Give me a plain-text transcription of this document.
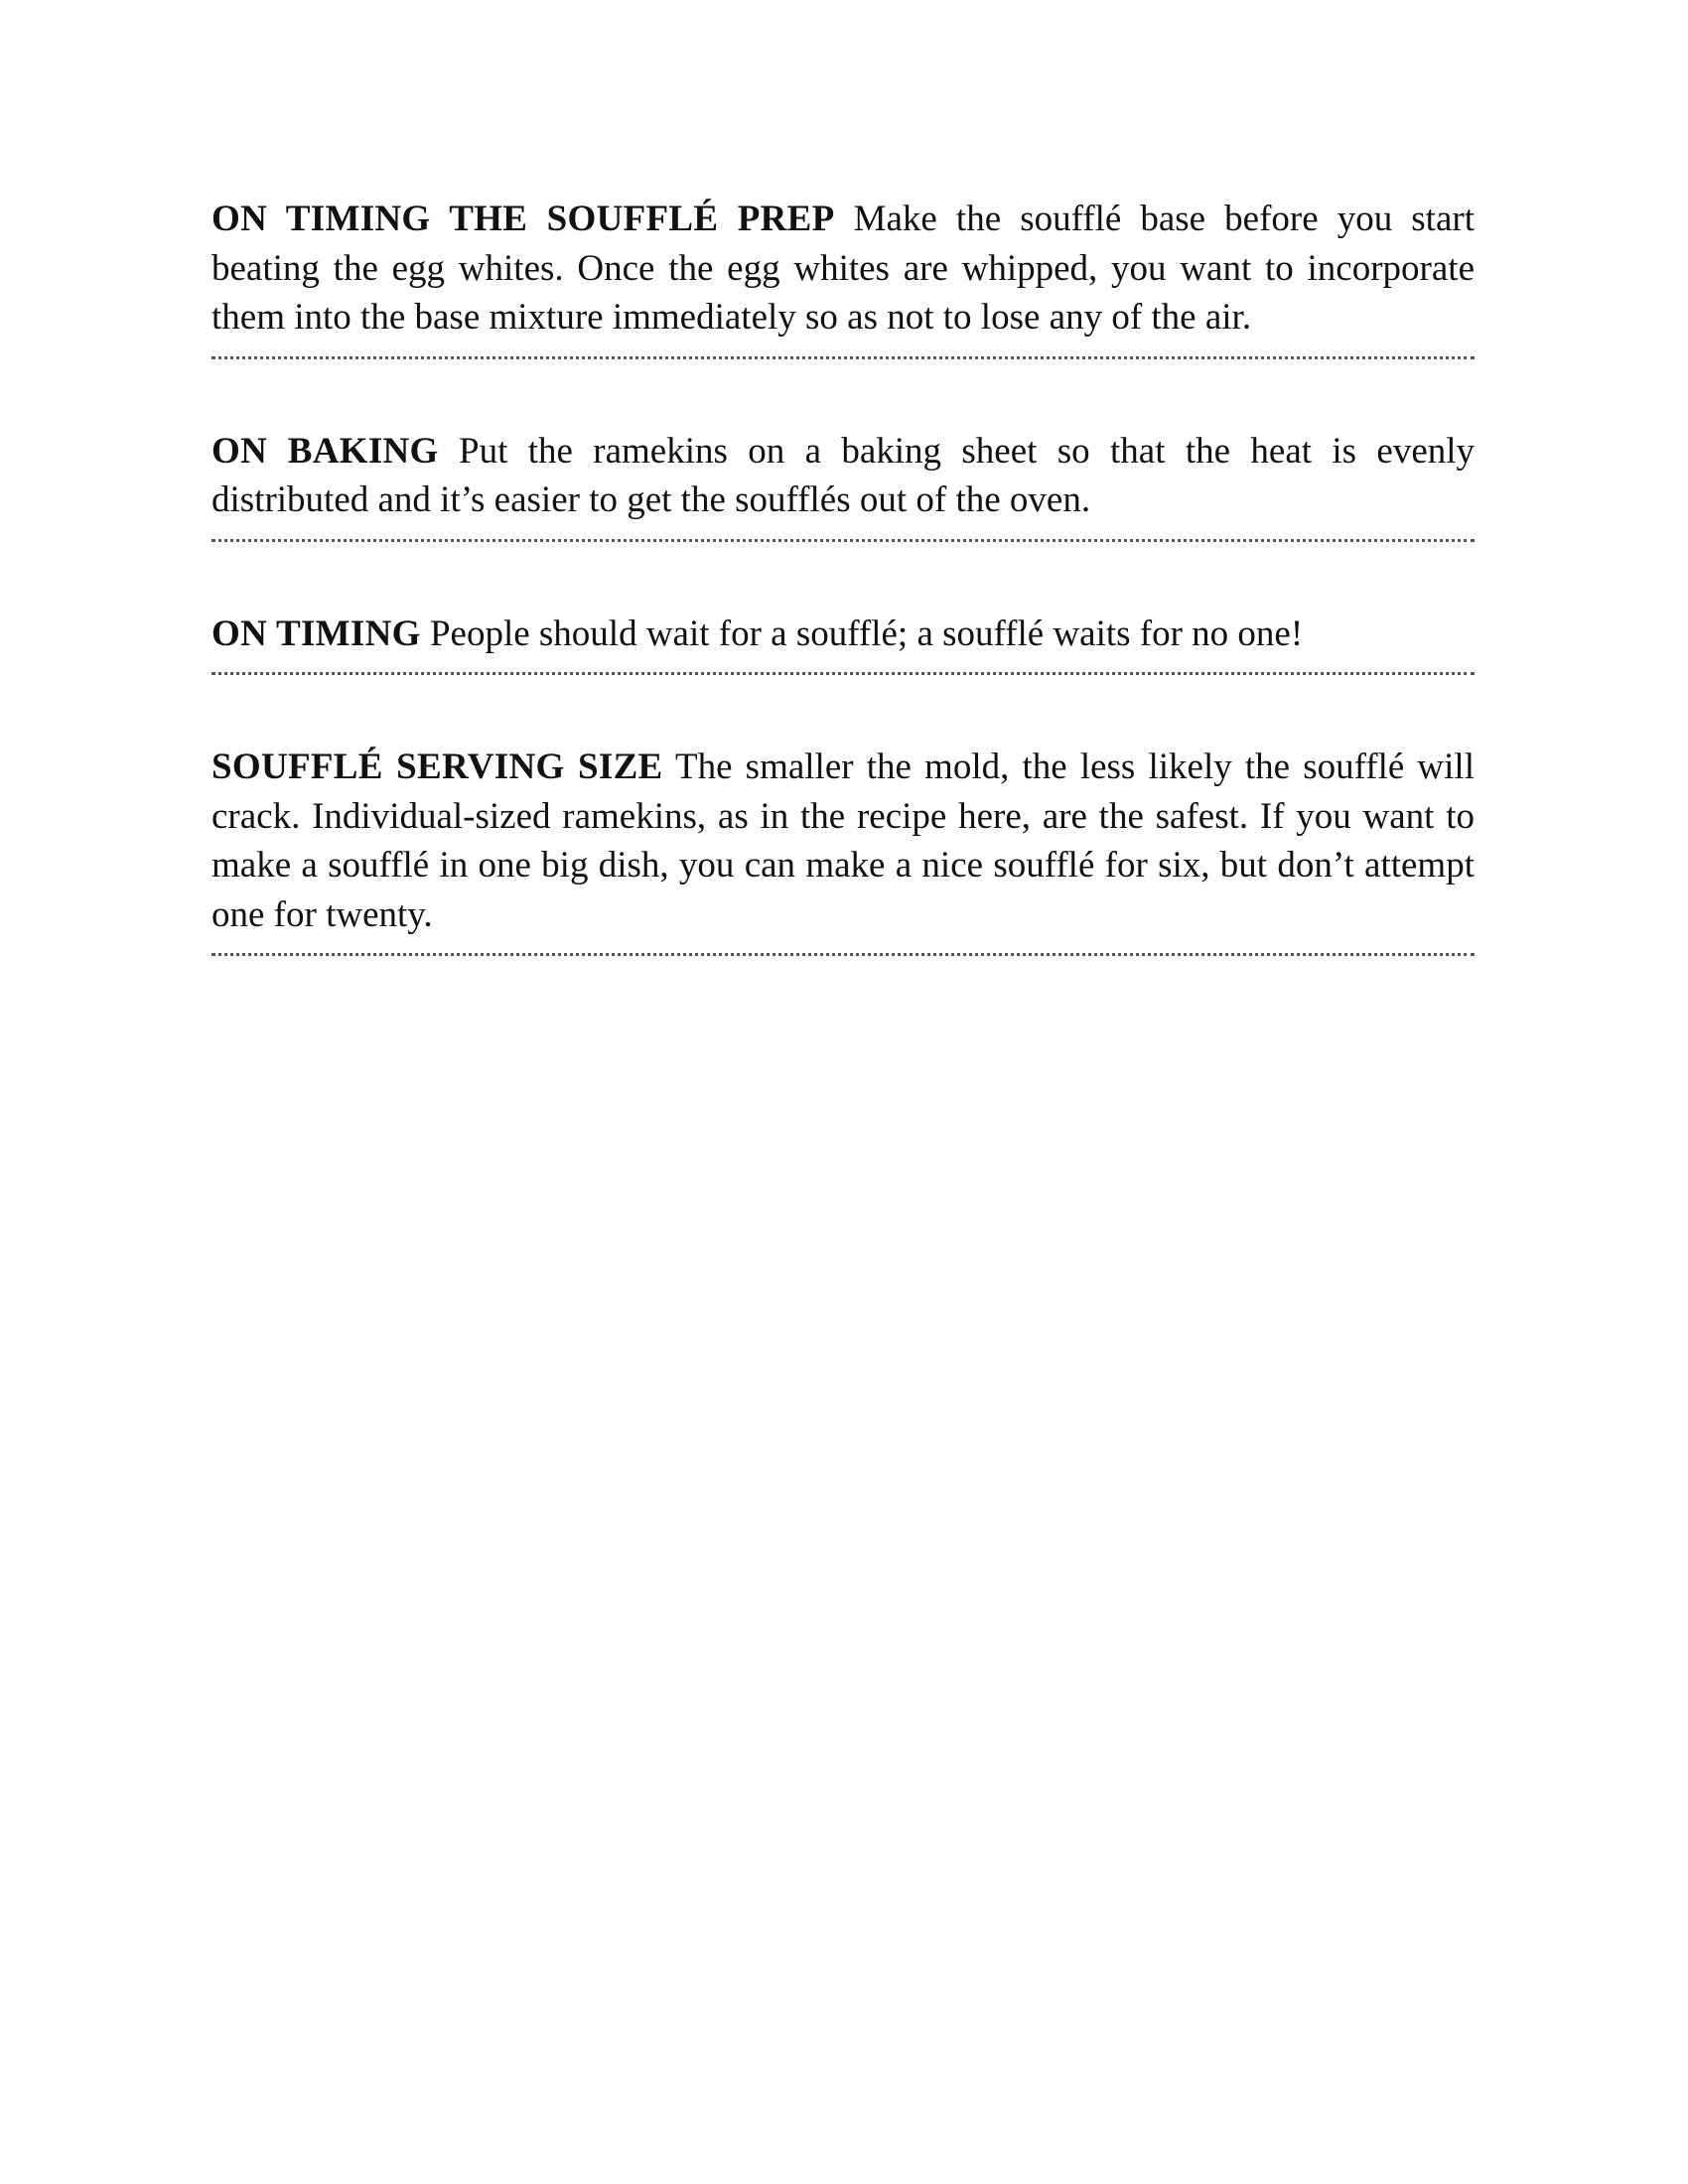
ON TIMING THE SOUFFLÉ PREP Make the soufflé base before you start beating the egg whites. Once the egg whites are whipped, you want to incorporate them into the base mixture immediately so as not to lose any of the air.

ON BAKING Put the ramekins on a baking sheet so that the heat is evenly distributed and it’s easier to get the soufflés out of the oven.

ON TIMING People should wait for a soufflé; a soufflé waits for no one!

SOUFFLÉ SERVING SIZE The smaller the mold, the less likely the soufflé will crack. Individual-sized ramekins, as in the recipe here, are the safest. If you want to make a soufflé in one big dish, you can make a nice soufflé for six, but don’t attempt one for twenty.
